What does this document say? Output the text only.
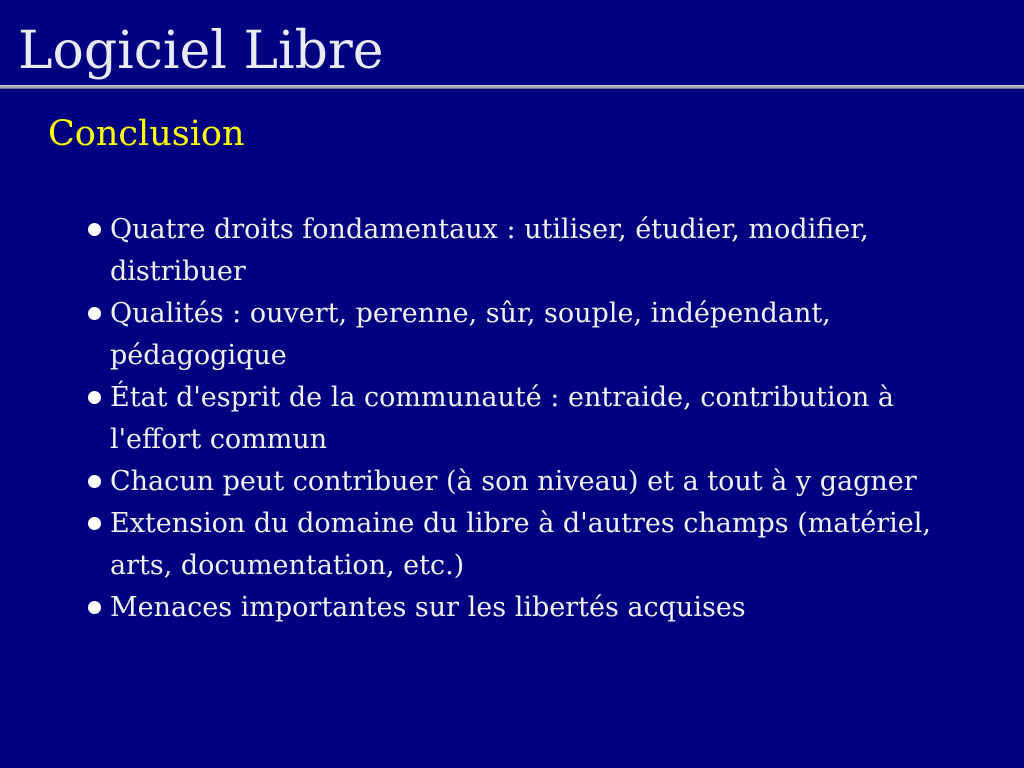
Logiciel Libre
Conclusion
Quatre droits fondamentaux : utiliser, étudier, modifier, distribuer
Qualités : ouvert, perenne, sûr, souple, indépendant, pédagogique
État d'esprit de la communauté : entraide, contribution à l'effort commun
Chacun peut contribuer (à son niveau) et a tout à y gagner
Extension du domaine du libre à d'autres champs (matériel, arts, documentation, etc.)
Menaces importantes sur les libertés acquises
